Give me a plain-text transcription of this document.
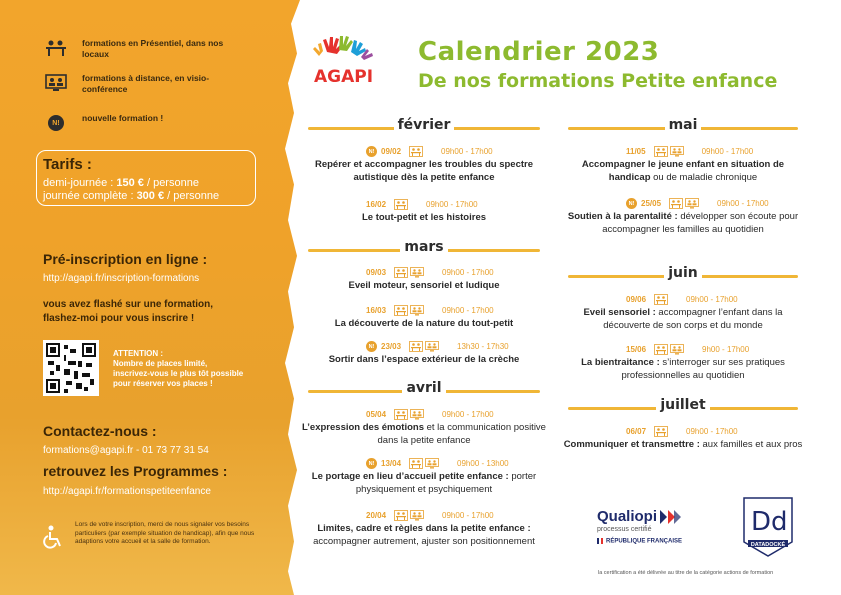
formations en Présentiel, dans nos locaux
formations à distance, en visio-conférence
N!	nouvelle formation !
Tarifs :
demi-journée : 150 € / personne
journée complète : 300 € / personne
Pré-inscription en ligne :
http://agapi.fr/inscription-formations
vous avez flashé sur une formation,
flashez-moi pour vous inscrire !
ATTENTION :
Nombre de places limité,
inscrivez-vous le plus tôt possible
pour réserver vos places !
Contactez-nous :
formations@agapi.fr - 01 73 77 31 54
retrouvez les Programmes :
http://agapi.fr/formationspetiteenfance
Lors de votre inscription, merci de nous signaler vos besoins particuliers (par exemple situation de handicap), afin que nous adaptions votre accueil et la salle de formation.
AGAPI
Calendrier 2023
De nos formations Petite enfance
février
N! 09/02	09h00 - 17h00
Repérer et accompagner les troubles du spectre autistique dès la petite enfance
16/02	09h00 - 17h00
Le tout-petit et les histoires
mars
09/03	09h00 - 17h00
Eveil moteur, sensoriel et ludique
16/03	09h00 - 17h00
La découverte de la nature du tout-petit
N! 23/03	13h30 - 17h30
Sortir dans l’espace extérieur de la crèche
avril
05/04	09h00 - 17h00
L’expression des émotions et la communication positive dans la petite enfance
N! 13/04	09h00 - 13h00
Le portage en lieu d’accueil petite enfance : porter physiquement et psychiquement
20/04	09h00 - 17h00
Limites, cadre et règles dans la petite enfance : accompagner autrement, ajuster son positionnement
mai
11/05	09h00 - 17h00
Accompagner le jeune enfant en situation de handicap ou de maladie chronique
N! 25/05	09h00 - 17h00
Soutien à la parentalité : développer son écoute pour accompagner les familles au quotidien
juin
09/06	09h00 - 17h00
Eveil sensoriel : accompagner l’enfant dans la découverte de son corps et du monde
15/06	9h00 - 17h00
La bientraitance : s’interroger sur ses pratiques professionnelles au quotidien
juillet
06/07	09h00 - 17h00
Communiquer et transmettre : aux familles et aux pros
Qualiopi
processus certifié
RÉPUBLIQUE FRANÇAISE
Dd
DATADOCKÉ
la certification a été délivrée au titre de la catégorie actions de formation
